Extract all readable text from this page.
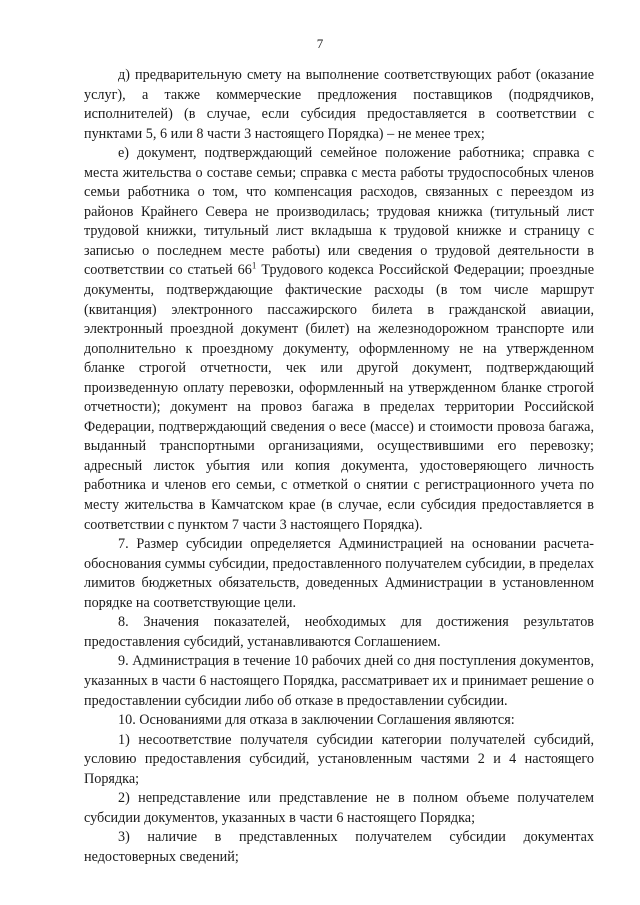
7

д) предварительную смету на выполнение соответствующих работ (оказание услуг), а также коммерческие предложения поставщиков (подрядчиков, исполнителей) (в случае, если субсидия предоставляется в соответствии с пунктами 5, 6 или 8 части 3 настоящего Порядка) – не менее трех;

е) документ, подтверждающий семейное положение работника; справка с места жительства о составе семьи; справка с места работы трудоспособных членов семьи работника о том, что компенсация расходов, связанных с переездом из районов Крайнего Севера не производилась; трудовая книжка (титульный лист трудовой книжки, титульный лист вкладыша к трудовой книжке и страницу с записью о последнем месте работы) или сведения о трудовой деятельности в соответствии со статьей $66^1$ Трудового кодекса Российской Федерации; проездные документы, подтверждающие фактические расходы (в том числе маршрут (квитанция) электронного пассажирского билета в гражданской авиации, электронный проездной документ (билет) на железнодорожном транспорте или дополнительно к проездному документу, оформленному не на утвержденном бланке строгой отчетности, чек или другой документ, подтверждающий произведенную оплату перевозки, оформленный на утвержденном бланке строгой отчетности); документ на провоз багажа в пределах территории Российской Федерации, подтверждающий сведения о весе (массе) и стоимости провоза багажа, выданный транспортными организациями, осуществившими его перевозку; адресный листок убытия или копия документа, удостоверяющего личность работника и членов его семьи, с отметкой о снятии с регистрационного учета по месту жительства в Камчатском крае (в случае, если субсидия предоставляется в соответствии с пунктом 7 части 3 настоящего Порядка).

7. Размер субсидии определяется Администрацией на основании расчета-обоснования суммы субсидии, предоставленного получателем субсидии, в пределах лимитов бюджетных обязательств, доведенных Администрации в установленном порядке на соответствующие цели.

8. Значения показателей, необходимых для достижения результатов предоставления субсидий, устанавливаются Соглашением.

9. Администрация в течение 10 рабочих дней со дня поступления документов, указанных в части 6 настоящего Порядка, рассматривает их и принимает решение о предоставлении субсидии либо об отказе в предоставлении субсидии.

10. Основаниями для отказа в заключении Соглашения являются:

1) несоответствие получателя субсидии категории получателей субсидий, условию предоставления субсидий, установленным частями 2 и 4 настоящего Порядка;

2) непредставление или представление не в полном объеме получателем субсидии документов, указанных в части 6 настоящего Порядка;

3) наличие в представленных получателем субсидии документах недостоверных сведений;
